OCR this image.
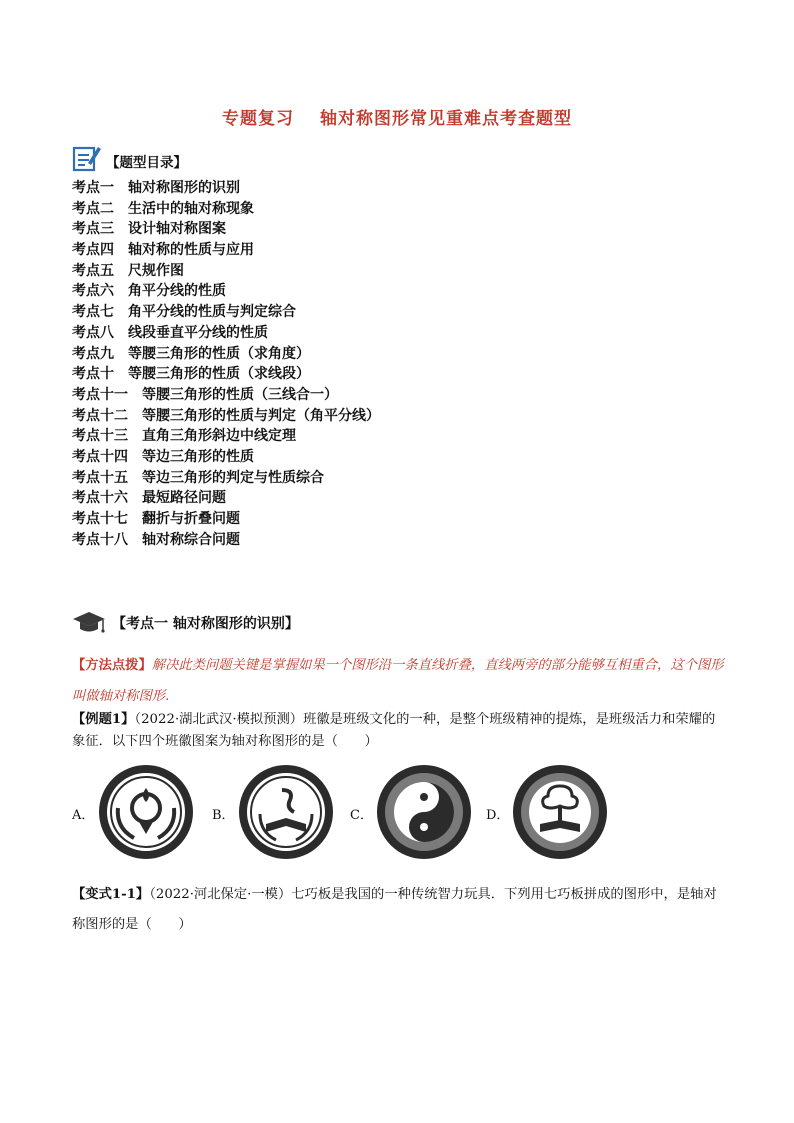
专题复习 轴对称图形常见重难点考查题型
【题型目录】
考点一 轴对称图形的识别
考点二 生活中的轴对称现象
考点三 设计轴对称图案
考点四 轴对称的性质与应用
考点五 尺规作图
考点六 角平分线的性质
考点七 角平分线的性质与判定综合
考点八 线段垂直平分线的性质
考点九 等腰三角形的性质（求角度）
考点十 等腰三角形的性质（求线段）
考点十一 等腰三角形的性质（三线合一）
考点十二 等腰三角形的性质与判定（角平分线）
考点十三 直角三角形斜边中线定理
考点十四 等边三角形的性质
考点十五 等边三角形的判定与性质综合
考点十六 最短路径问题
考点十七 翻折与折叠问题
考点十八 轴对称综合问题
【考点一 轴对称图形的识别】
【方法点拨】解决此类问题关键是掌握如果一个图形沿一条直线折叠，直线两旁的部分能够互相重合，这个图形叫做轴对称图形.
【例题1】（2022·湖北武汉·模拟预测）班徽是班级文化的一种，是整个班级精神的提炼，是班级活力和荣耀的象征．以下四个班徽图案为轴对称图形的是（　　）
A．	B．	C．	D．
【变式1-1】（2022·河北保定·一模）七巧板是我国的一种传统智力玩具．下列用七巧板拼成的图形中，是轴对称图形的是（　　）
